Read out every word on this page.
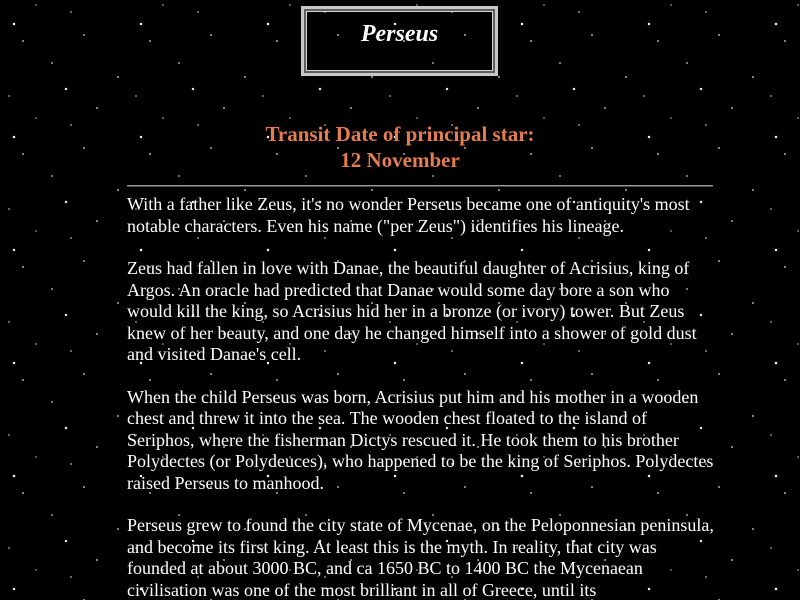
Perseus
Transit Date of principal star:
12 November

With a father like Zeus, it's no wonder Perseus became one of antiquity's most notable characters. Even his name ("per Zeus") identifies his lineage.

Zeus had fallen in love with Danae, the beautiful daughter of Acrisius, king of Argos. An oracle had predicted that Danae would some day bore a son who would kill the king, so Acrisius hid her in a bronze (or ivory) tower. But Zeus knew of her beauty, and one day he changed himself into a shower of gold dust and visited Danae's cell.

When the child Perseus was born, Acrisius put him and his mother in a wooden chest and threw it into the sea. The wooden chest floated to the island of Seriphos, where the fisherman Dictys rescued it. He took them to his brother Polydectes (or Polydeuces), who happened to be the king of Seriphos. Polydectes raised Perseus to manhood.

Perseus grew to found the city state of Mycenae, on the Peloponnesian peninsula, and become its first king. At least this is the myth. In reality, that city was founded at about 3000 BC, and ca 1650 BC to 1400 BC the Mycenaean civilisation was one of the most brilliant in all of Greece, until its
